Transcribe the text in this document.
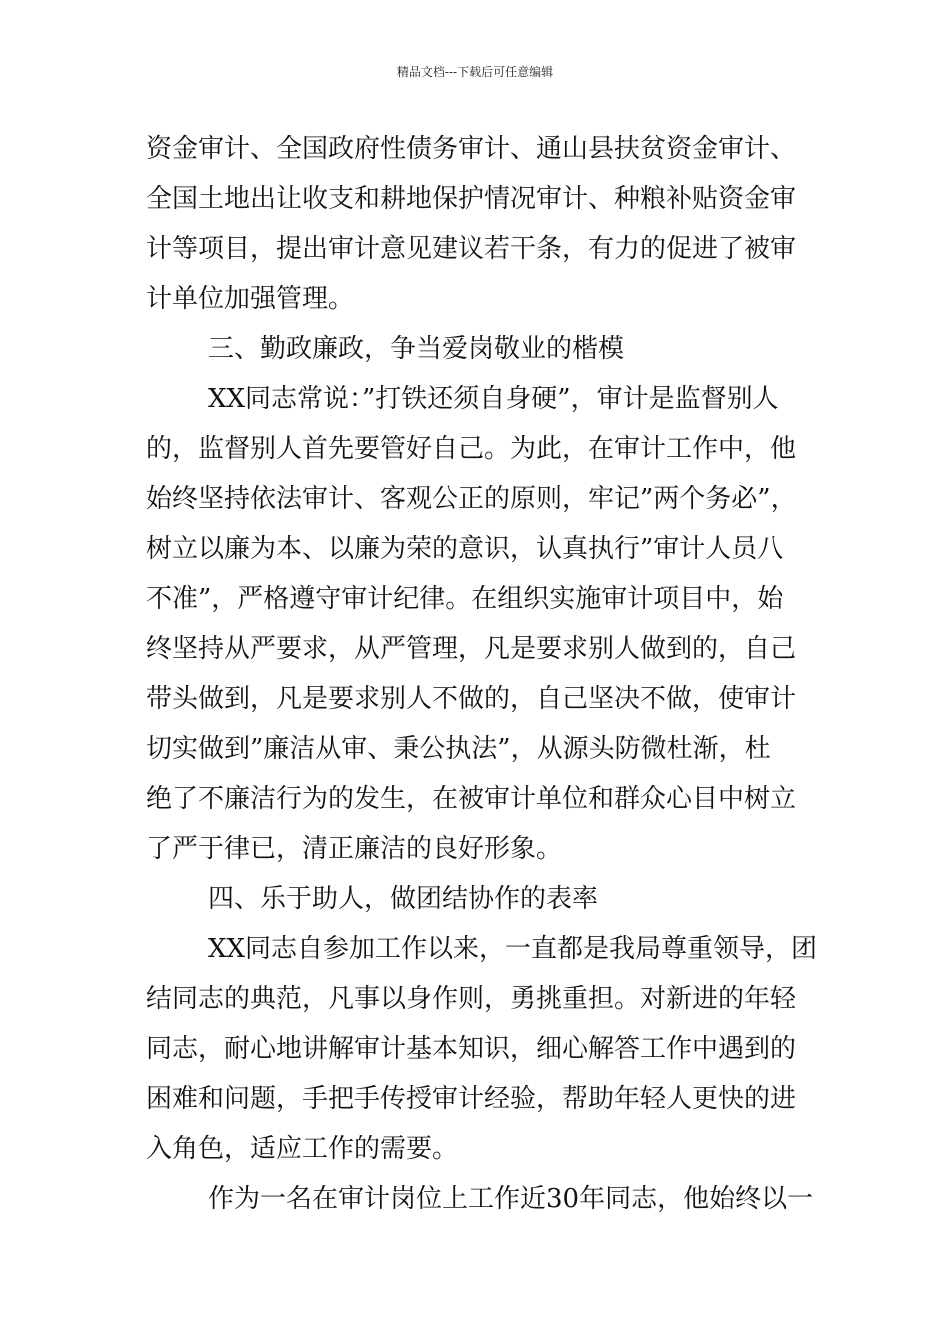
精品文档---下载后可任意编辑
资金审计、全国政府性债务审计、通山县扶贫资金审计、
全国土地出让收支和耕地保护情况审计、种粮补贴资金审
计等项目，提出审计意见建议若干条，有力的促进了被审
计单位加强管理。
三、勤政廉政，争当爱岗敬业的楷模
XX同志常说：”打铁还须自身硬”，审计是监督别人
的，监督别人首先要管好自己。为此，在审计工作中，他
始终坚持依法审计、客观公正的原则，牢记”两个务必”，
树立以廉为本、以廉为荣的意识，认真执行”审计人员八
不准”，严格遵守审计纪律。在组织实施审计项目中，始
终坚持从严要求，从严管理，凡是要求别人做到的，自己
带头做到，凡是要求别人不做的，自己坚决不做，使审计
切实做到”廉洁从审、秉公执法”，从源头防微杜渐，杜
绝了不廉洁行为的发生，在被审计单位和群众心目中树立
了严于律已，清正廉洁的良好形象。
四、乐于助人，做团结协作的表率
XX同志自参加工作以来，一直都是我局尊重领导，团
结同志的典范，凡事以身作则，勇挑重担。对新进的年轻
同志，耐心地讲解审计基本知识，细心解答工作中遇到的
困难和问题，手把手传授审计经验，帮助年轻人更快的进
入角色，适应工作的需要。
作为一名在审计岗位上工作近30年同志，他始终以一
